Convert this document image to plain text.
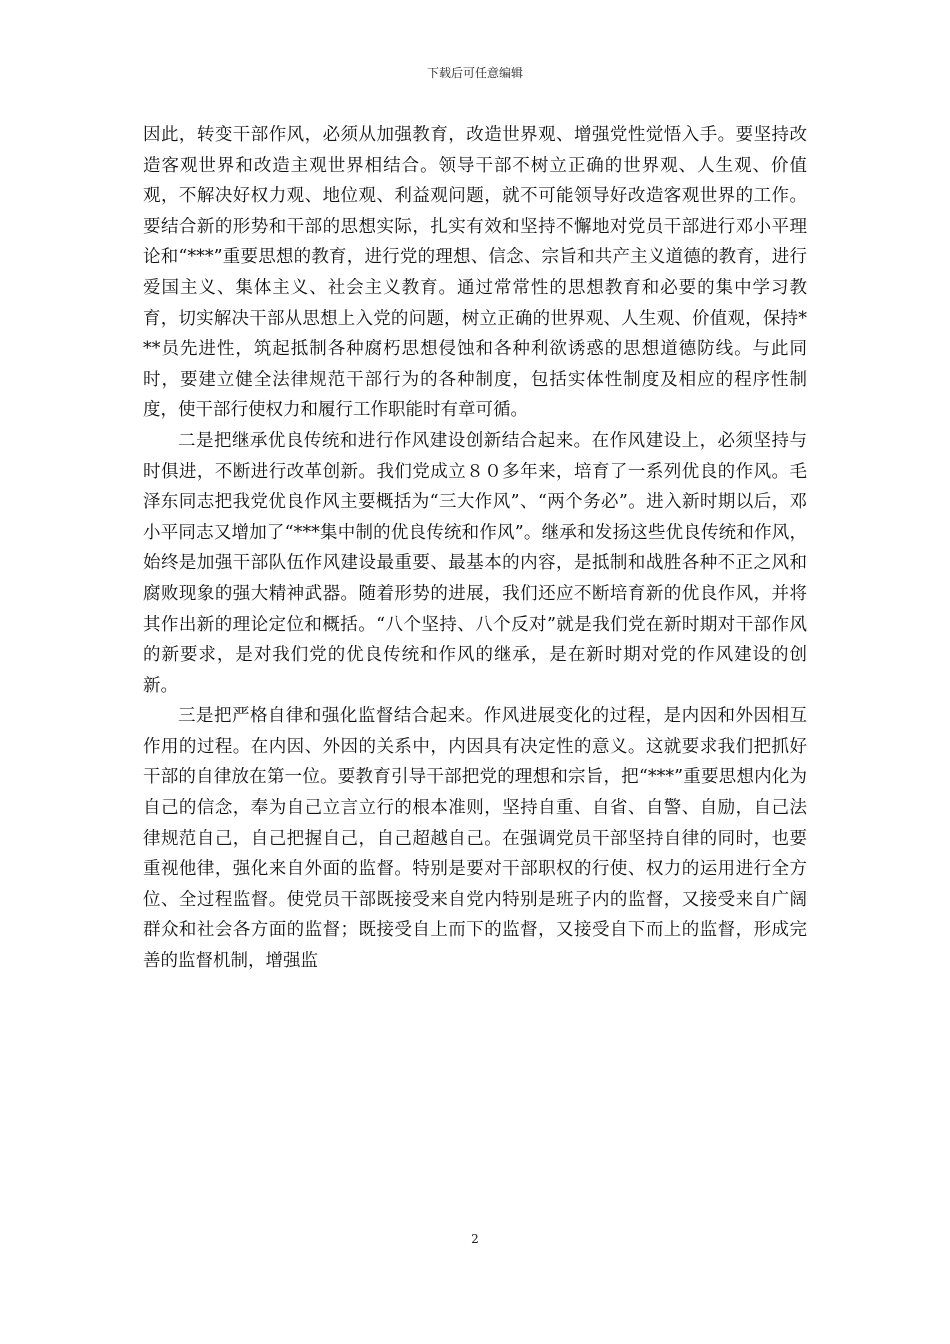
下载后可任意编辑

因此，转变干部作风，必须从加强教育，改造世界观、增强党性觉悟入手。要坚持改造客观世界和改造主观世界相结合。领导干部不树立正确的世界观、人生观、价值观，不解决好权力观、地位观、利益观问题，就不可能领导好改造客观世界的工作。要结合新的形势和干部的思想实际，扎实有效和坚持不懈地对党员干部进行邓小平理论和“***”重要思想的教育，进行党的理想、信念、宗旨和共产主义道德的教育，进行爱国主义、集体主义、社会主义教育。通过常常性的思想教育和必要的集中学习教育，切实解决干部从思想上入党的问题，树立正确的世界观、人生观、价值观，保持***员先进性，筑起抵制各种腐朽思想侵蚀和各种利欲诱惑的思想道德防线。与此同时，要建立健全法律规范干部行为的各种制度，包括实体性制度及相应的程序性制度，使干部行使权力和履行工作职能时有章可循。

二是把继承优良传统和进行作风建设创新结合起来。在作风建设上，必须坚持与时俱进，不断进行改革创新。我们党成立８０多年来，培育了一系列优良的作风。毛泽东同志把我党优良作风主要概括为“三大作风”、“两个务必”。进入新时期以后，邓小平同志又增加了“***集中制的优良传统和作风”。继承和发扬这些优良传统和作风，始终是加强干部队伍作风建设最重要、最基本的内容，是抵制和战胜各种不正之风和腐败现象的强大精神武器。随着形势的进展，我们还应不断培育新的优良作风，并将其作出新的理论定位和概括。“八个坚持、八个反对”就是我们党在新时期对干部作风的新要求，是对我们党的优良传统和作风的继承，是在新时期对党的作风建设的创新。

三是把严格自律和强化监督结合起来。作风进展变化的过程，是内因和外因相互作用的过程。在内因、外因的关系中，内因具有决定性的意义。这就要求我们把抓好干部的自律放在第一位。要教育引导干部把党的理想和宗旨，把“***”重要思想内化为自己的信念，奉为自己立言立行的根本准则，坚持自重、自省、自警、自励，自己法律规范自己，自己把握自己，自己超越自己。在强调党员干部坚持自律的同时，也要重视他律，强化来自外面的监督。特别是要对干部职权的行使、权力的运用进行全方位、全过程监督。使党员干部既接受来自党内特别是班子内的监督，又接受来自广阔群众和社会各方面的监督；既接受自上而下的监督，又接受自下而上的监督，形成完善的监督机制，增强监

2
